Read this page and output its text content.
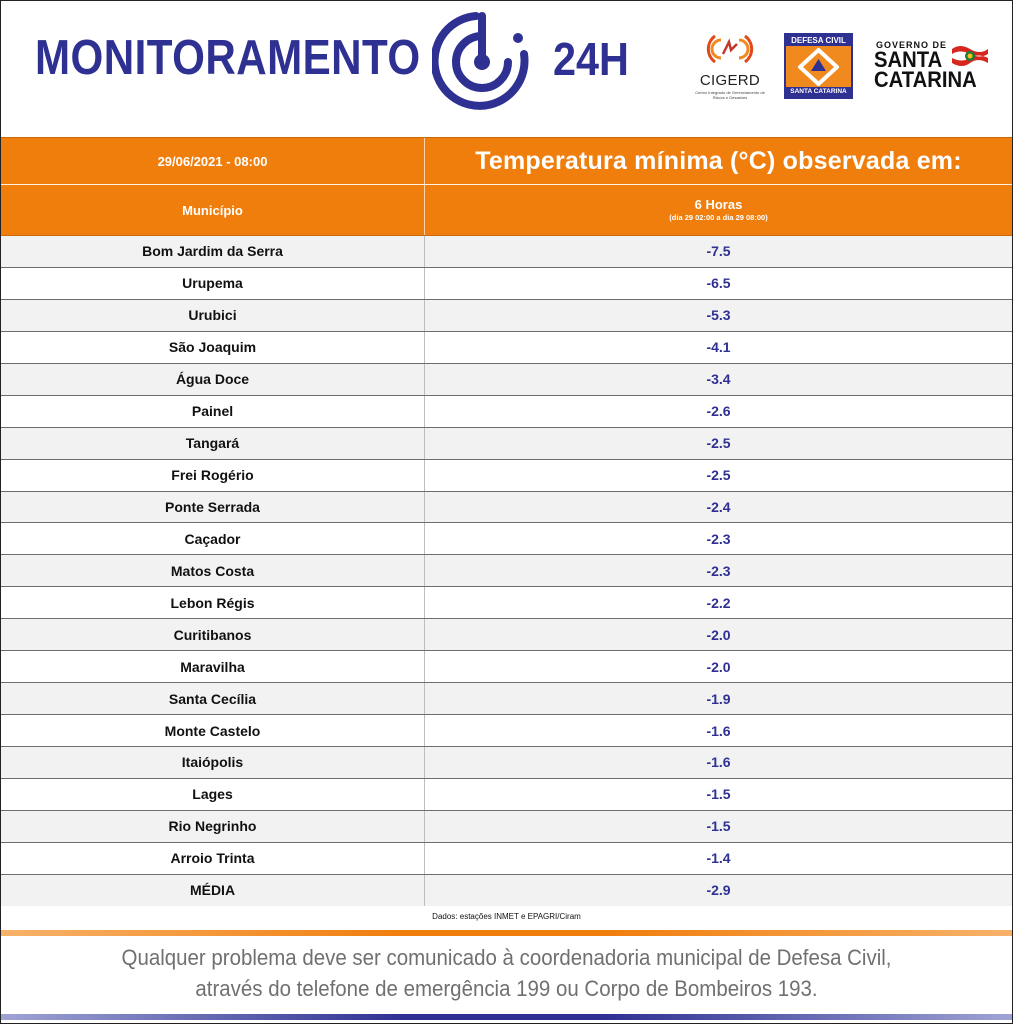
MONITORAMENTO	24H	CIGERD
Centro Integrado de Gerenciamento de Riscos e Desastres
DEFESA CIVIL
SANTA CATARINA
GOVERNO DE
SANTA
CATARINA
29/06/2021 - 08:00	Temperatura mínima (°C) observada em:
Município	6 Horas
(dia 29 02:00 a dia 29 08:00)
Bom Jardim da Serra	-7.5
Urupema	-6.5
Urubici	-5.3
São Joaquim	-4.1
Água Doce	-3.4
Painel	-2.6
Tangará	-2.5
Frei Rogério	-2.5
Ponte Serrada	-2.4
Caçador	-2.3
Matos Costa	-2.3
Lebon Régis	-2.2
Curitibanos	-2.0
Maravilha	-2.0
Santa Cecília	-1.9
Monte Castelo	-1.6
Itaiópolis	-1.6
Lages	-1.5
Rio Negrinho	-1.5
Arroio Trinta	-1.4
MÉDIA	-2.9
Dados: estações INMET e EPAGRI/Ciram
Qualquer problema deve ser comunicado à coordenadoria municipal de Defesa Civil,
através do telefone de emergência 199 ou Corpo de Bombeiros 193.
